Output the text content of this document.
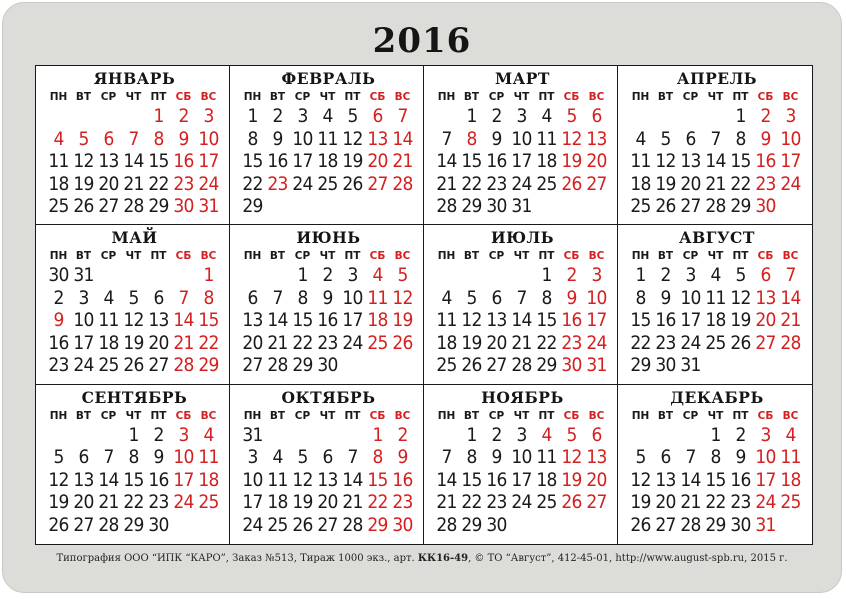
2016
ЯНВАРЬ
ПН ВТ СР ЧТ ПТ СБ ВС
1 2 3
4 5 6 7 8 9 10
11 12 13 14 15 16 17
18 19 20 21 22 23 24
25 26 27 28 29 30 31
ФЕВРАЛЬ
ПН ВТ СР ЧТ ПТ СБ ВС
1 2 3 4 5 6 7
8 9 10 11 12 13 14
15 16 17 18 19 20 21
22 23 24 25 26 27 28
29
МАРТ
ПН ВТ СР ЧТ ПТ СБ ВС
1 2 3 4 5 6
7 8 9 10 11 12 13
14 15 16 17 18 19 20
21 22 23 24 25 26 27
28 29 30 31
АПРЕЛЬ
ПН ВТ СР ЧТ ПТ СБ ВС
1 2 3
4 5 6 7 8 9 10
11 12 13 14 15 16 17
18 19 20 21 22 23 24
25 26 27 28 29 30
МАЙ
ПН ВТ СР ЧТ ПТ СБ ВС
30 31	1
2 3 4 5 6 7 8
9 10 11 12 13 14 15
16 17 18 19 20 21 22
23 24 25 26 27 28 29
ИЮНЬ
ПН ВТ СР ЧТ ПТ СБ ВС
1 2 3 4 5
6 7 8 9 10 11 12
13 14 15 16 17 18 19
20 21 22 23 24 25 26
27 28 29 30
ИЮЛЬ
ПН ВТ СР ЧТ ПТ СБ ВС
1 2 3
4 5 6 7 8 9 10
11 12 13 14 15 16 17
18 19 20 21 22 23 24
25 26 27 28 29 30 31
АВГУСТ
ПН ВТ СР ЧТ ПТ СБ ВС
1 2 3 4 5 6 7
8 9 10 11 12 13 14
15 16 17 18 19 20 21
22 23 24 25 26 27 28
29 30 31
СЕНТЯБРЬ
ПН ВТ СР ЧТ ПТ СБ ВС
1 2 3 4
5 6 7 8 9 10 11
12 13 14 15 16 17 18
19 20 21 22 23 24 25
26 27 28 29 30
ОКТЯБРЬ
ПН ВТ СР ЧТ ПТ СБ ВС
31	1 2
3 4 5 6 7 8 9
10 11 12 13 14 15 16
17 18 19 20 21 22 23
24 25 26 27 28 29 30
НОЯБРЬ
ПН ВТ СР ЧТ ПТ СБ ВС
1 2 3 4 5 6
7 8 9 10 11 12 13
14 15 16 17 18 19 20
21 22 23 24 25 26 27
28 29 30
ДЕКАБРЬ
ПН ВТ СР ЧТ ПТ СБ ВС
1 2 3 4
5 6 7 8 9 10 11
12 13 14 15 16 17 18
19 20 21 22 23 24 25
26 27 28 29 30 31
Типография ООО “ИПК “КАРО”, Заказ №513, Тираж 1000 экз., арт. КК16-49, © ТО “Август”, 412-45-01, http://www.august-spb.ru, 2015 г.
